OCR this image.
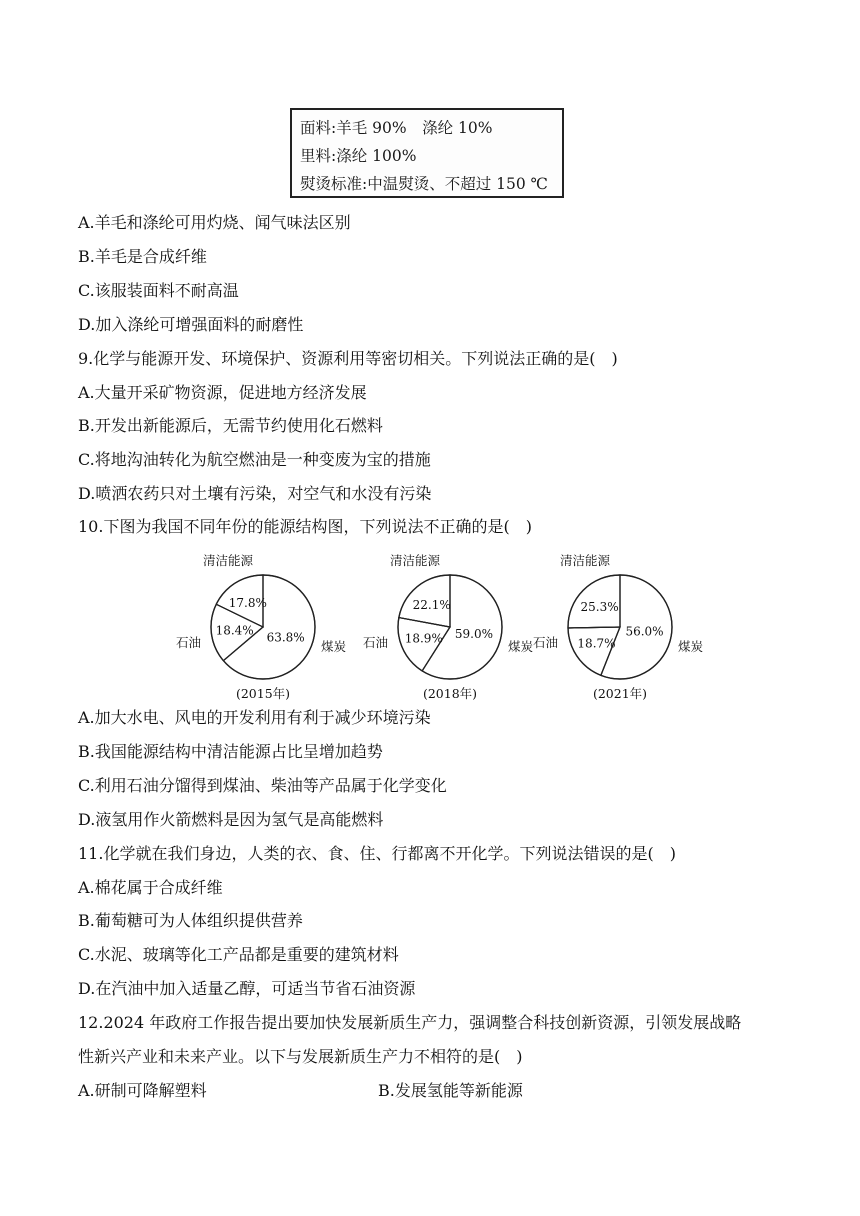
面料:羊毛 90%　涤纶 10%
里料:涤纶 100%
熨烫标准:中温熨烫、不超过 150 ℃
A.羊毛和涤纶可用灼烧、闻气味法区别
B.羊毛是合成纤维
C.该服装面料不耐高温
D.加入涤纶可增强面料的耐磨性
9.化学与能源开发、环境保护、资源利用等密切相关。下列说法正确的是(　)
A.大量开采矿物资源，促进地方经济发展
B.开发出新能源后，无需节约使用化石燃料
C.将地沟油转化为航空燃油是一种变废为宝的措施
D.喷洒农药只对土壤有污染，对空气和水没有污染
10.下图为我国不同年份的能源结构图，下列说法不正确的是(　)
63.8%
18.4%
17.8%
煤炭
石油
清洁能源
(2015年)
59.0%
18.9%
22.1%
煤炭
石油
清洁能源
(2018年)
56.0%
18.7%
25.3%
煤炭
石油
清洁能源
(2021年)
A.加大水电、风电的开发利用有利于减少环境污染
B.我国能源结构中清洁能源占比呈增加趋势
C.利用石油分馏得到煤油、柴油等产品属于化学变化
D.液氢用作火箭燃料是因为氢气是高能燃料
11.化学就在我们身边，人类的衣、食、住、行都离不开化学。下列说法错误的是(　)
A.棉花属于合成纤维
B.葡萄糖可为人体组织提供营养
C.水泥、玻璃等化工产品都是重要的建筑材料
D.在汽油中加入适量乙醇，可适当节省石油资源
12.2024 年政府工作报告提出要加快发展新质生产力，强调整合科技创新资源，引领发展战略
性新兴产业和未来产业。以下与发展新质生产力不相符的是(　)
A.研制可降解塑料	B.发展氢能等新能源
